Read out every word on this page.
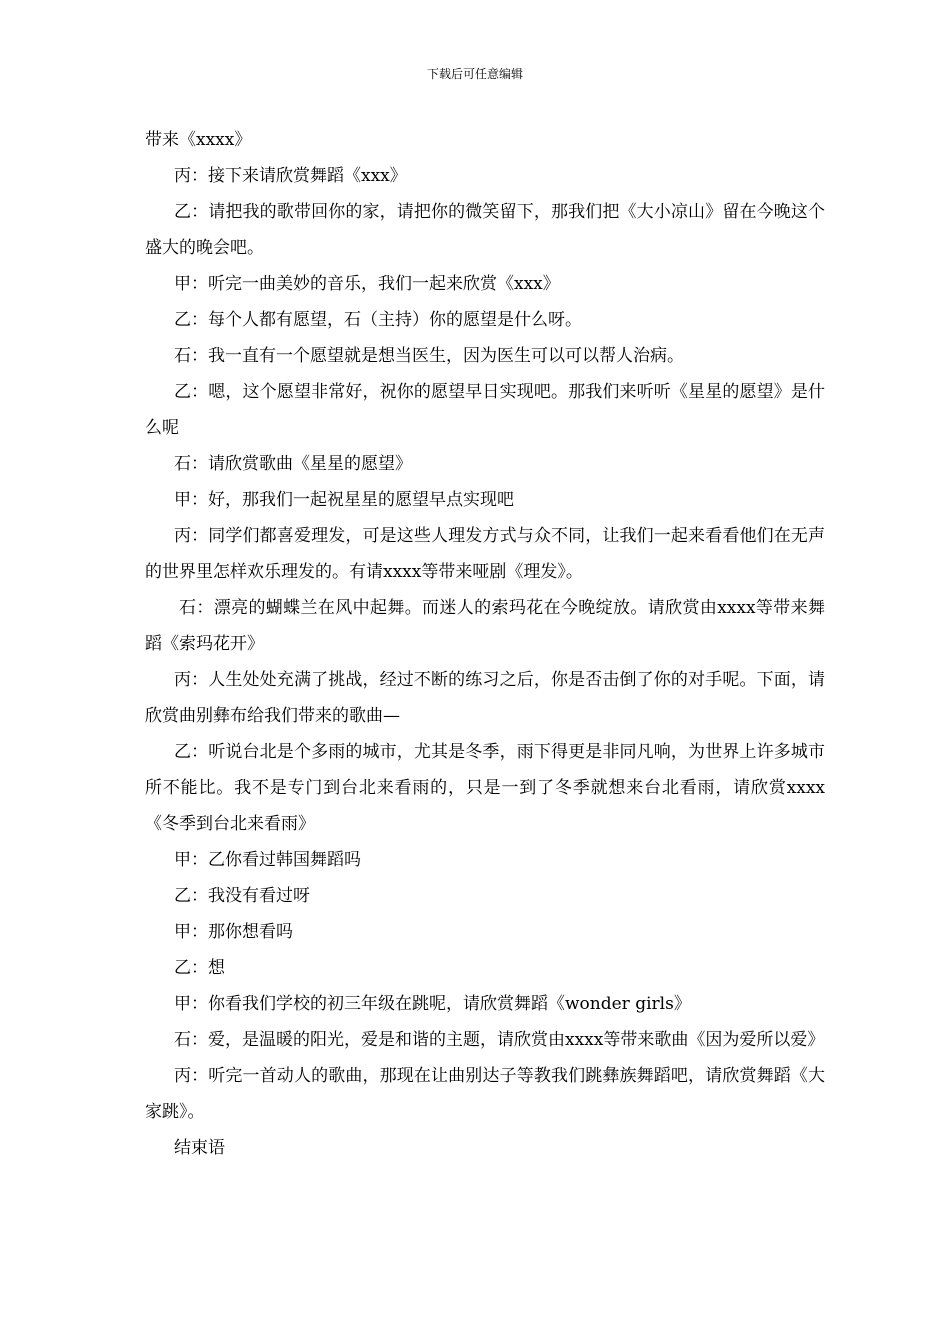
下载后可任意编辑

带来《xxxx》

丙：接下来请欣赏舞蹈《xxx》

乙：请把我的歌带回你的家，请把你的微笑留下，那我们把《大小凉山》留在今晚这个盛大的晚会吧。

甲：听完一曲美妙的音乐，我们一起来欣赏《xxx》

乙：每个人都有愿望，石（主持）你的愿望是什么呀。

石：我一直有一个愿望就是想当医生，因为医生可以可以帮人治病。

乙：嗯，这个愿望非常好，祝你的愿望早日实现吧。那我们来听听《星星的愿望》是什么呢

石：请欣赏歌曲《星星的愿望》

甲：好，那我们一起祝星星的愿望早点实现吧

丙：同学们都喜爱理发，可是这些人理发方式与众不同，让我们一起来看看他们在无声的世界里怎样欢乐理发的。有请xxxx等带来哑剧《理发》。

石：漂亮的蝴蝶兰在风中起舞。而迷人的索玛花在今晚绽放。请欣赏由xxxx等带来舞蹈《索玛花开》

丙：人生处处充满了挑战，经过不断的练习之后，你是否击倒了你的对手呢。下面，请欣赏曲别彝布给我们带来的歌曲—

乙：听说台北是个多雨的城市，尤其是冬季，雨下得更是非同凡响，为世界上许多城市所不能比。我不是专门到台北来看雨的，只是一到了冬季就想来台北看雨，请欣赏xxxx《冬季到台北来看雨》

甲：乙你看过韩国舞蹈吗

乙：我没有看过呀

甲：那你想看吗

乙：想

甲：你看我们学校的初三年级在跳呢，请欣赏舞蹈《wonder girls》

石：爱，是温暖的阳光，爱是和谐的主题，请欣赏由xxxx等带来歌曲《因为爱所以爱》

丙：听完一首动人的歌曲，那现在让曲别达子等教我们跳彝族舞蹈吧，请欣赏舞蹈《大家跳》。

结束语
